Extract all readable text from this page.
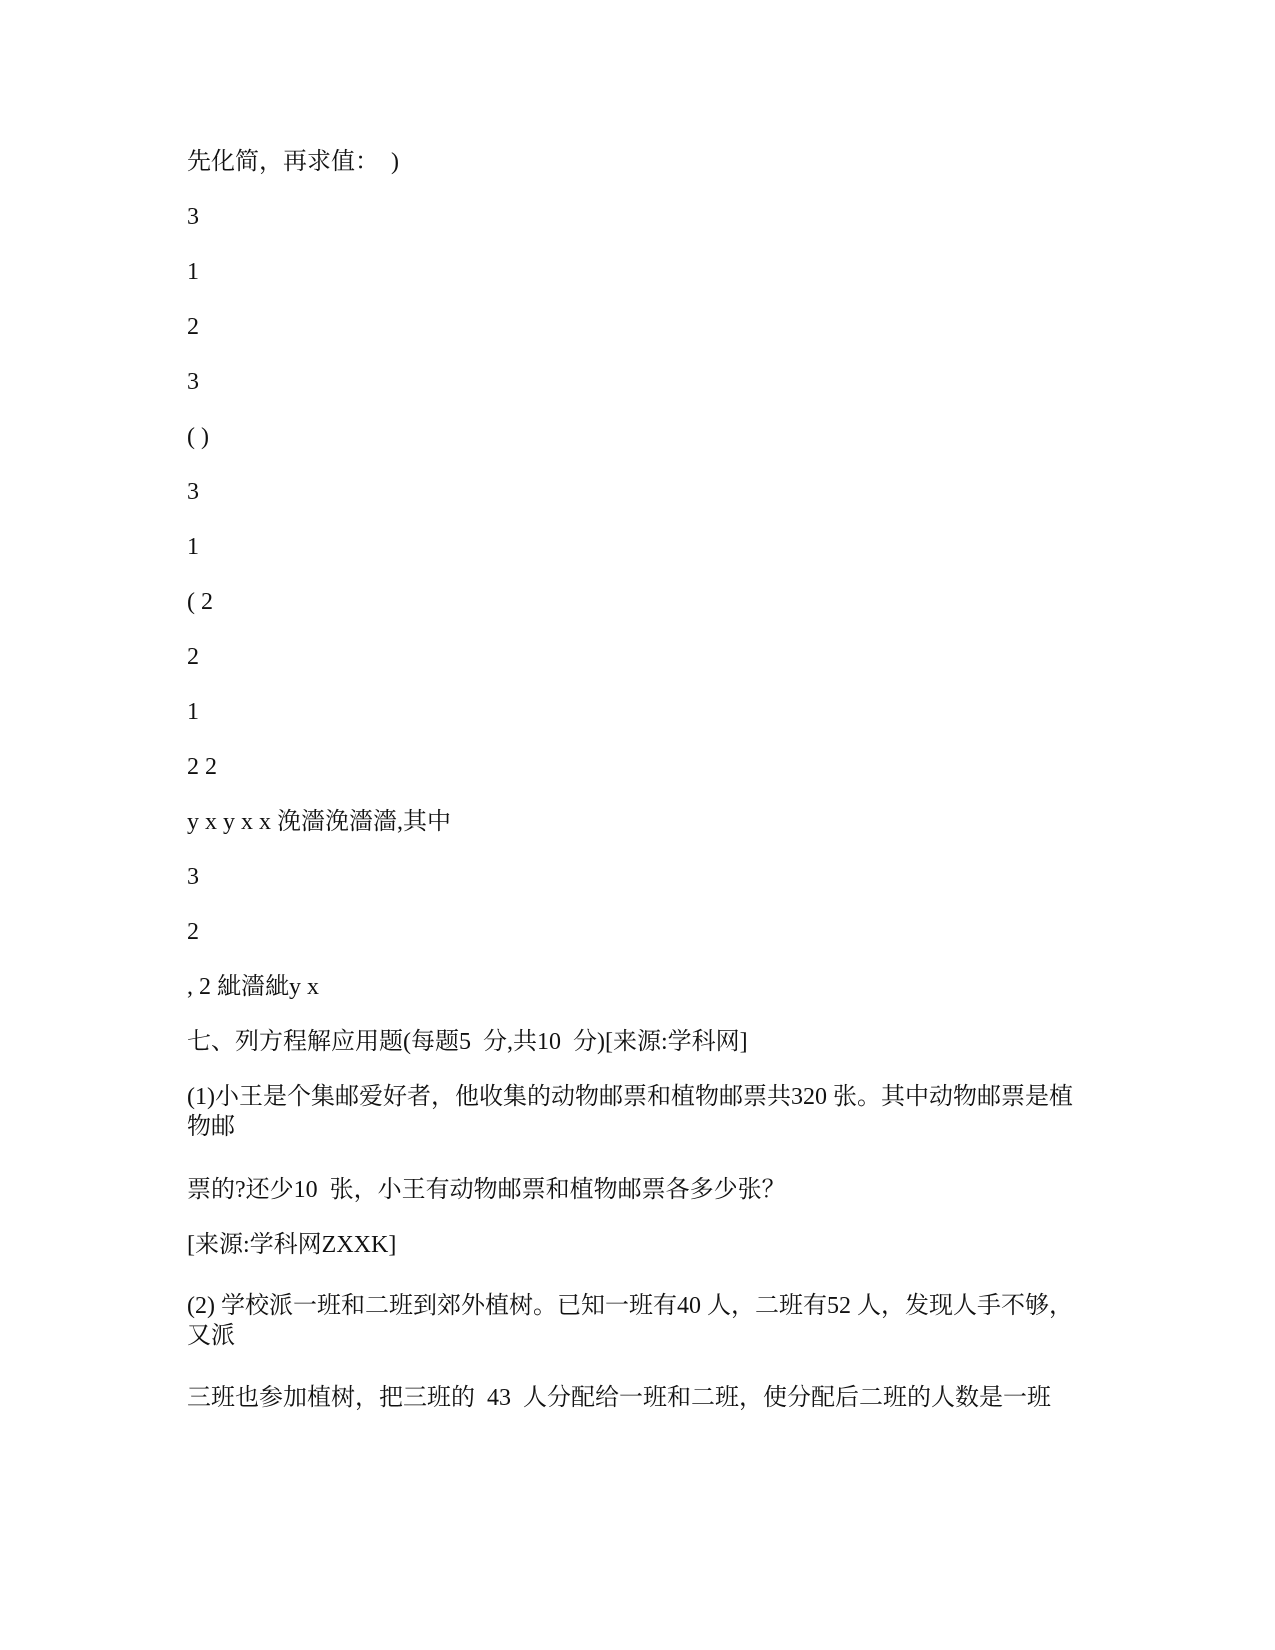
先化简，再求值：  )
3
1
2
3
( )
3
1
( 2
2
1
2 2
y x y x x 浼濇浼濇濇,其中
3
2
, 2 紪濇紪y x
七、列方程解应用题(每题5  分,共10  分)[来源:学科网]
(1)小王是个集邮爱好者，他收集的动物邮票和植物邮票共320 张。其中动物邮票是植物邮
票的?还少10  张，小王有动物邮票和植物邮票各多少张？
[来源:学科网ZXXK]
(2) 学校派一班和二班到郊外植树。已知一班有40 人，二班有52 人，发现人手不够，又派
三班也参加植树，把三班的  43  人分配给一班和二班，使分配后二班的人数是一班
